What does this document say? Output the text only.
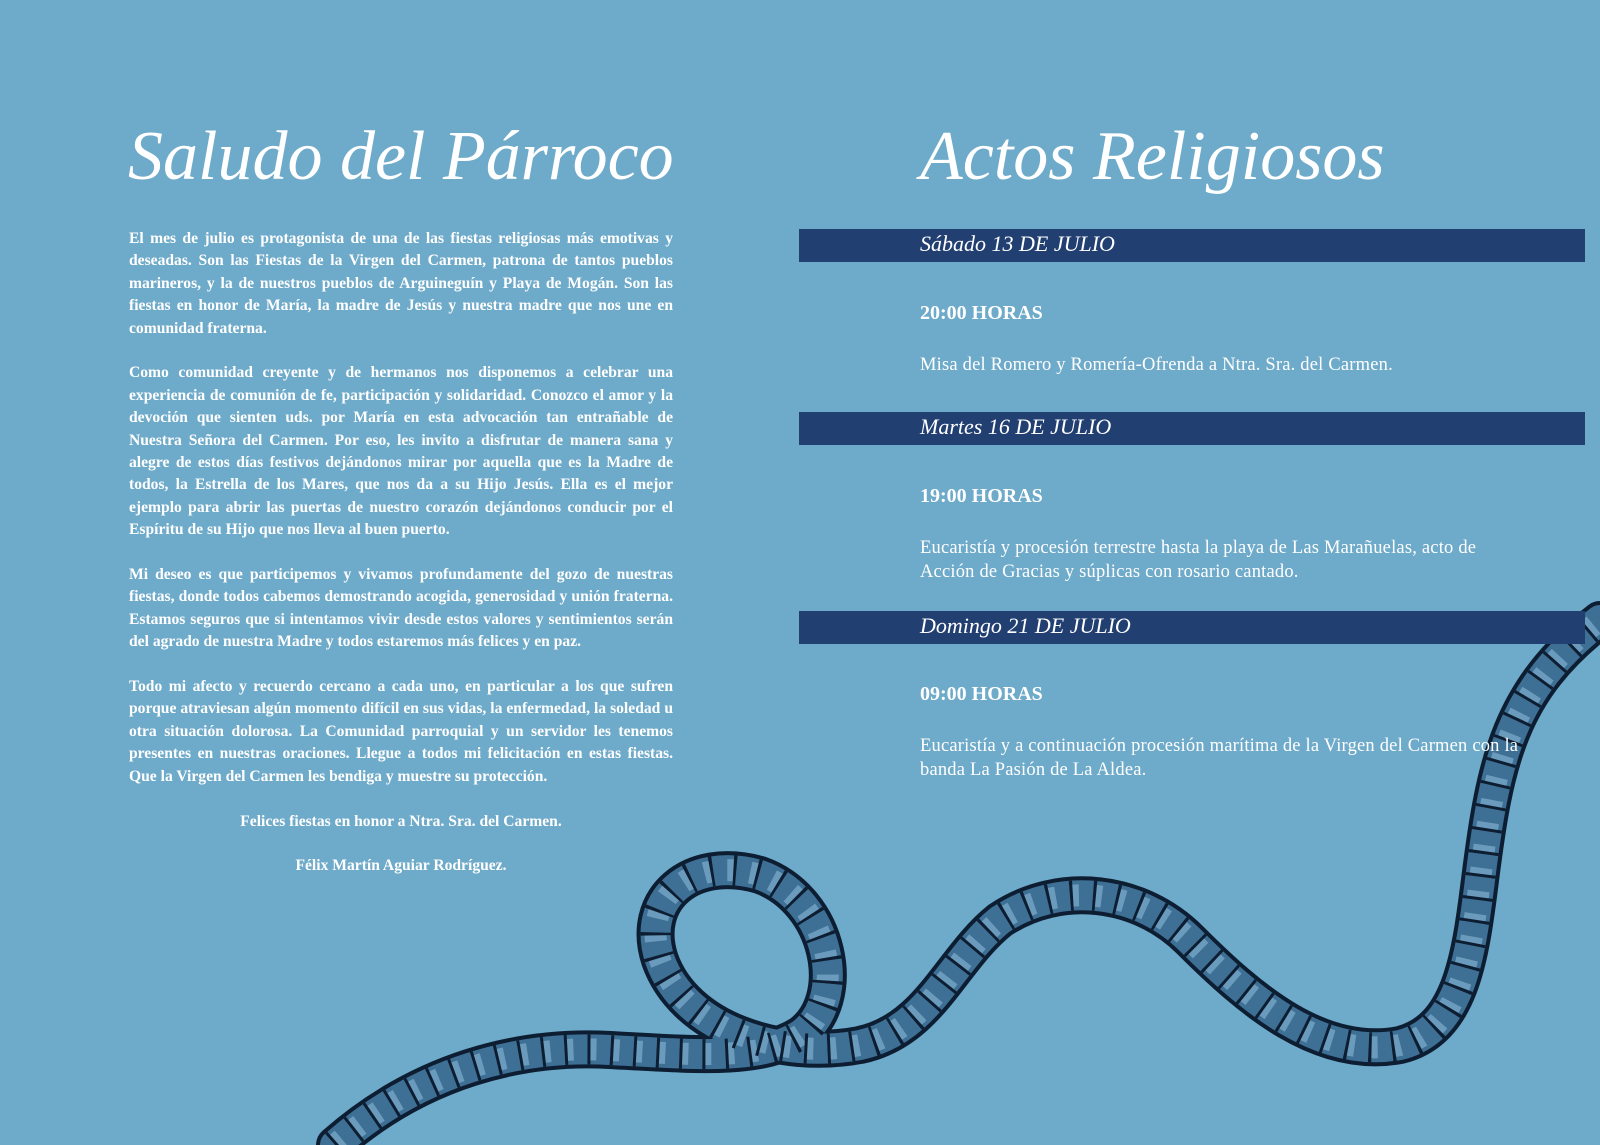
Saludo del Párroco

El mes de julio es protagonista de una de las fiestas religiosas más emotivas y deseadas. Son las Fiestas de la Virgen del Carmen, patrona de tantos pueblos marineros, y la de nuestros pueblos de Arguineguín y Playa de Mogán. Son las fiestas en honor de María, la madre de Jesús y nuestra madre que nos une en comunidad fraterna.

Como comunidad creyente y de hermanos nos disponemos a celebrar una experiencia de comunión de fe, participación y solidaridad. Conozco el amor y la devoción que sienten uds. por María en esta advocación tan entrañable de Nuestra Señora del Carmen. Por eso, les invito a disfrutar de manera sana y alegre de estos días festivos dejándonos mirar por aquella que es la Madre de todos, la Estrella de los Mares, que nos da a su Hijo Jesús. Ella es el mejor ejemplo para abrir las puertas de nuestro corazón dejándonos conducir por el Espíritu de su Hijo que nos lleva al buen puerto.

Mi deseo es que participemos y vivamos profundamente del gozo de nuestras fiestas, donde todos cabemos demostrando acogida, generosidad y unión fraterna. Estamos seguros que si intentamos vivir desde estos valores y sentimientos serán del agrado de nuestra Madre y todos estaremos más felices y en paz.

Todo mi afecto y recuerdo cercano a cada uno, en particular a los que sufren porque atraviesan algún momento difícil en sus vidas, la enfermedad, la soledad u otra situación dolorosa. La Comunidad parroquial y un servidor les tenemos presentes en nuestras oraciones. Llegue a todos mi felicitación en estas fiestas. Que la Virgen del Carmen les bendiga y muestre su protección.

Felices fiestas en honor a Ntra. Sra. del Carmen.

Félix Martín Aguiar Rodríguez.

Actos Religiosos
Sábado 13 DE JULIO
20:00 HORAS
Misa del Romero y Romería-Ofrenda a Ntra. Sra. del Carmen.
Martes 16 DE JULIO
19:00 HORAS
Eucaristía y procesión terrestre hasta la playa de Las Marañuelas, acto de Acción de Gracias y súplicas con rosario cantado.
Domingo 21 DE JULIO
09:00 HORAS
Eucaristía y a continuación procesión marítima de la Virgen del Carmen con la banda La Pasión de La Aldea.
